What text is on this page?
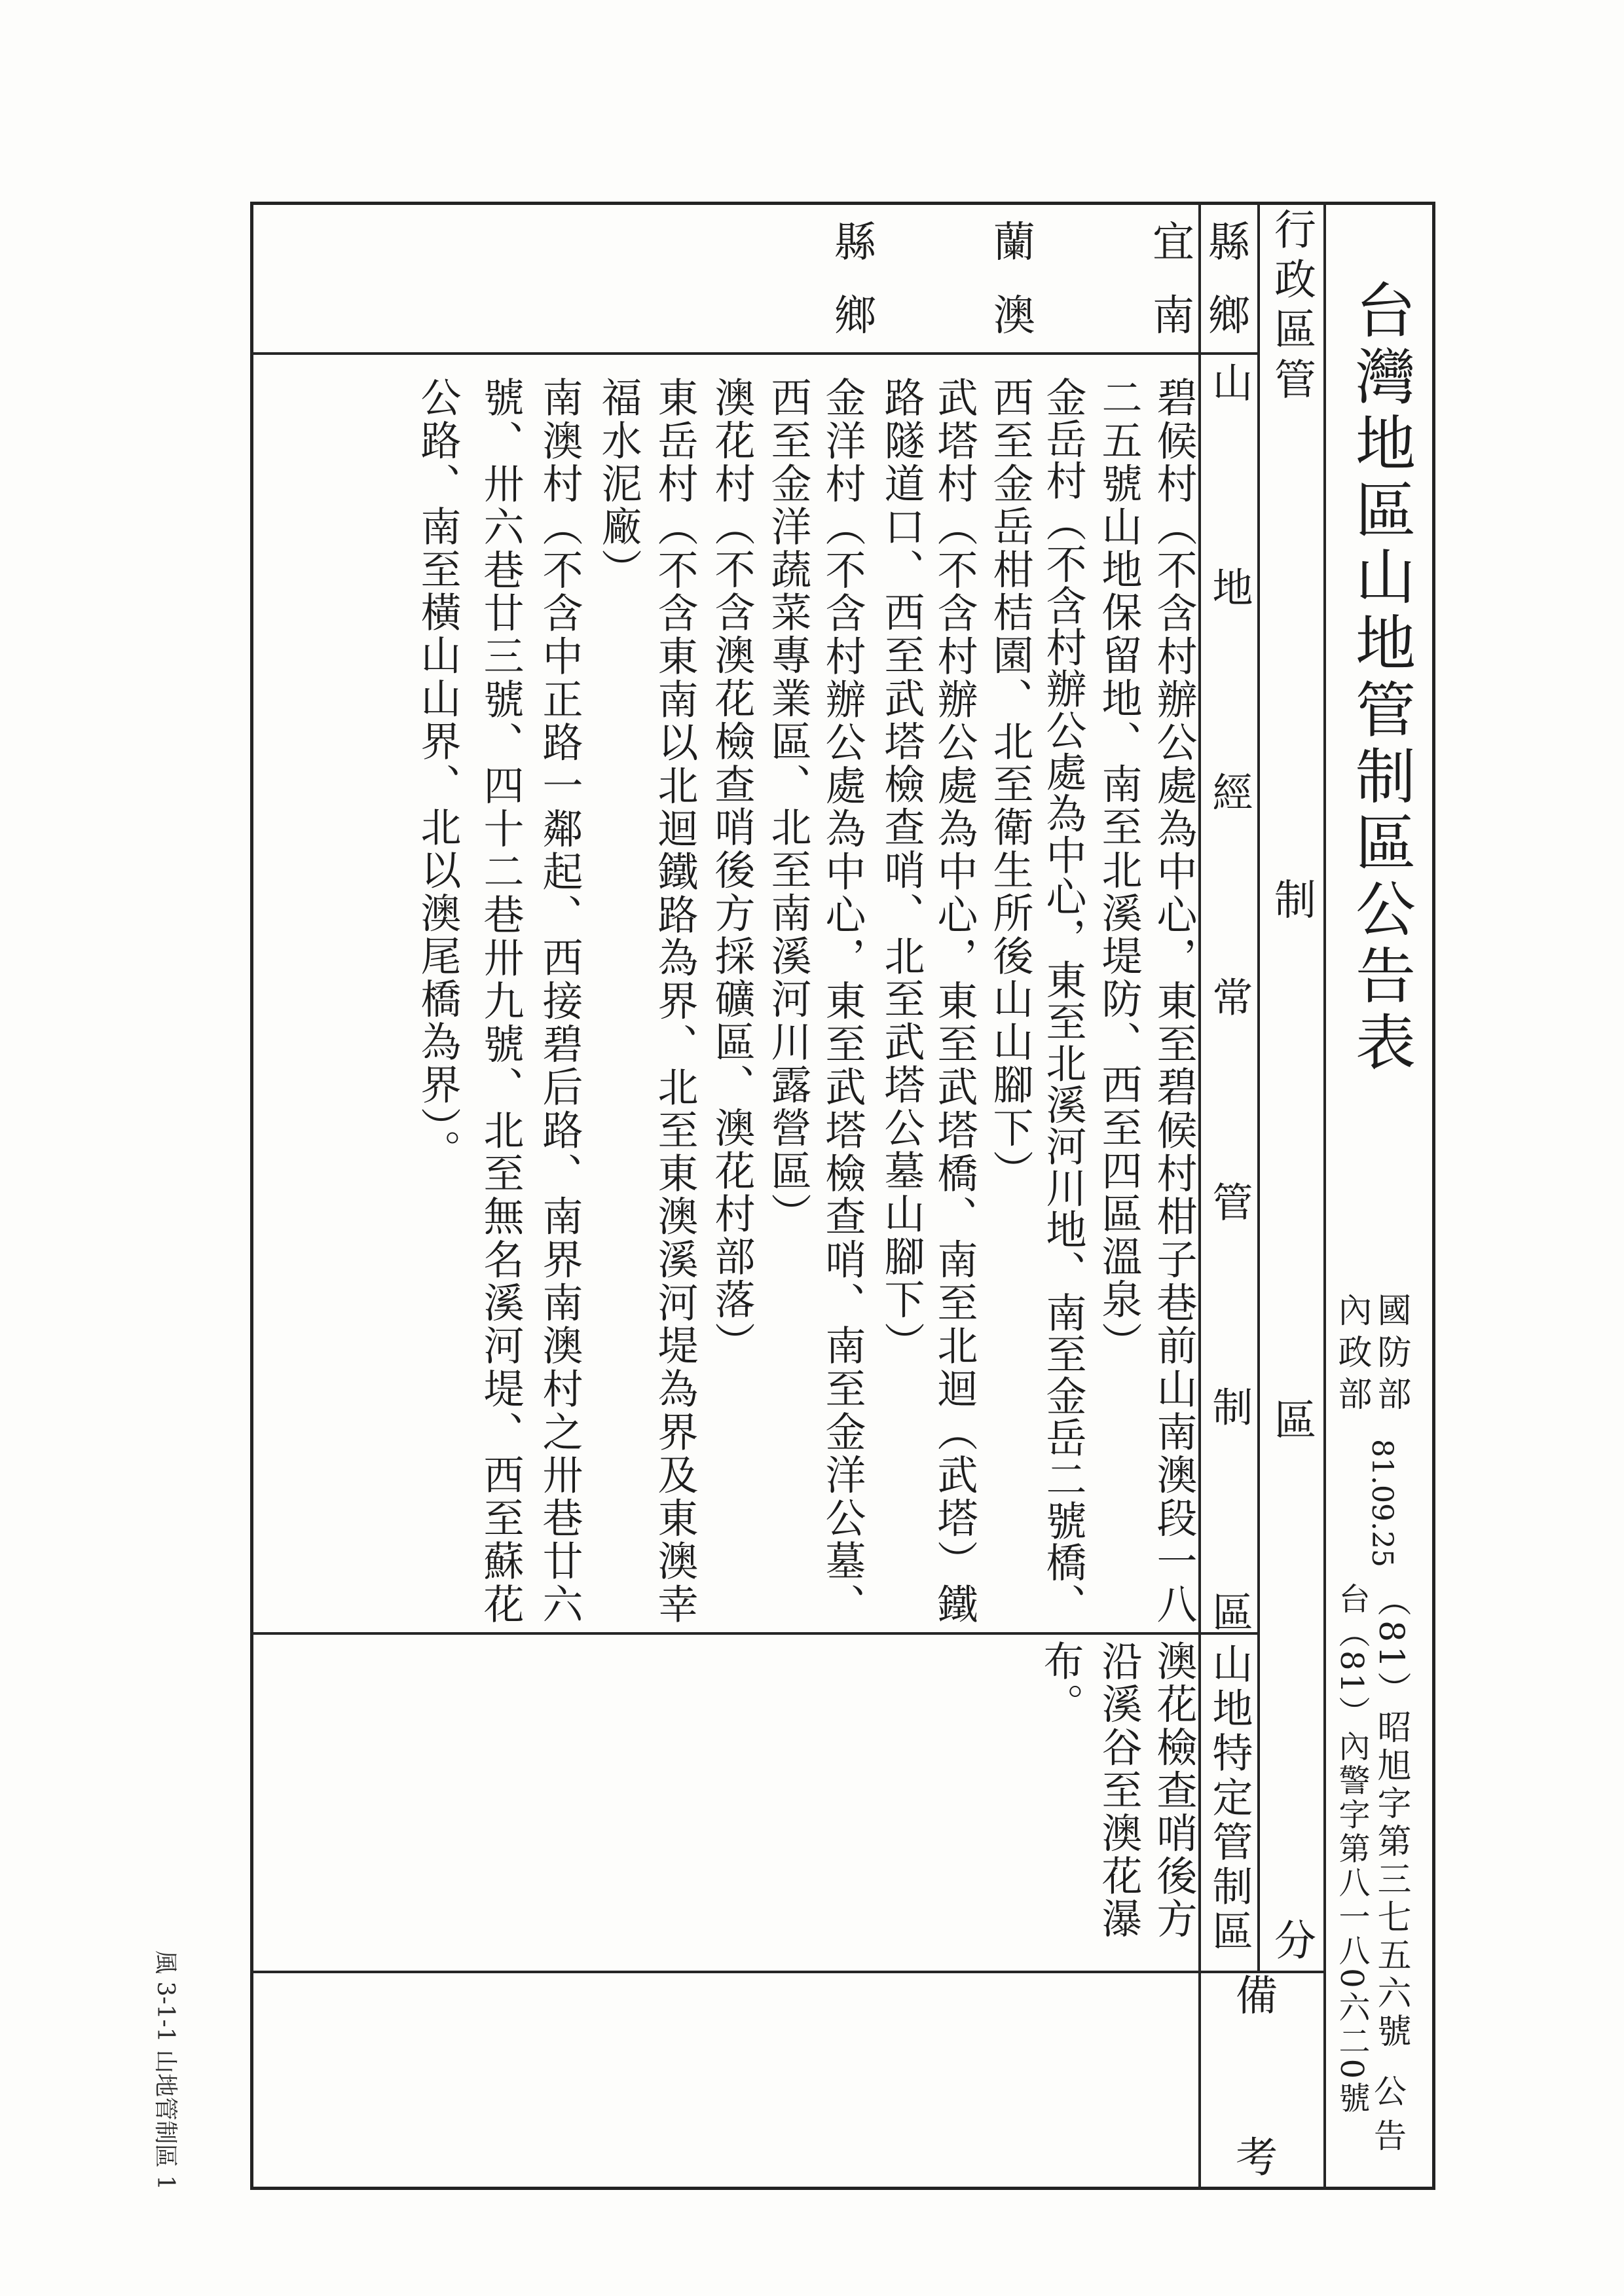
台灣地區山地管制區公告表
國防部
內政部
81.09.25
（81）昭旭字第三七五六號
台（81）內警字第八一八0六二0號
公告
行政區
管制區分
備考
縣
鄉
山地經常管制區
山地特定管制區
宜蘭縣
南澳鄉
碧候村（不含村辦公處為中心，東至碧候村柑子巷前山南澳段一八
二五號山地保留地、南至北溪堤防、西至四區溫泉）
金岳村（不含村辦公處為中心，東至北溪河川地、南至金岳二號橋、
西至金岳柑桔園、北至衛生所後山山腳下）
武塔村（不含村辦公處為中心，東至武塔橋、南至北迴（武塔）鐵
路隧道口、西至武塔檢查哨、北至武塔公墓山腳下）
金洋村（不含村辦公處為中心，東至武塔檢查哨、南至金洋公墓、
西至金洋蔬菜專業區、北至南溪河川露營區）
澳花村（不含澳花檢查哨後方採礦區、澳花村部落）
東岳村（不含東南以北迴鐵路為界、北至東澳溪河堤為界及東澳幸
福水泥廠）
南澳村（不含中正路一鄰起、西接碧后路、南界南澳村之卅巷廿六
號、卅六巷廿三號、四十二巷卅九號、北至無名溪河堤、西至蘇花
公路、南至橫山山界、北以澳尾橋為界）。
澳花檢查哨後方
沿溪谷至澳花瀑
布。
風 3-1-1 山地管制區 1
